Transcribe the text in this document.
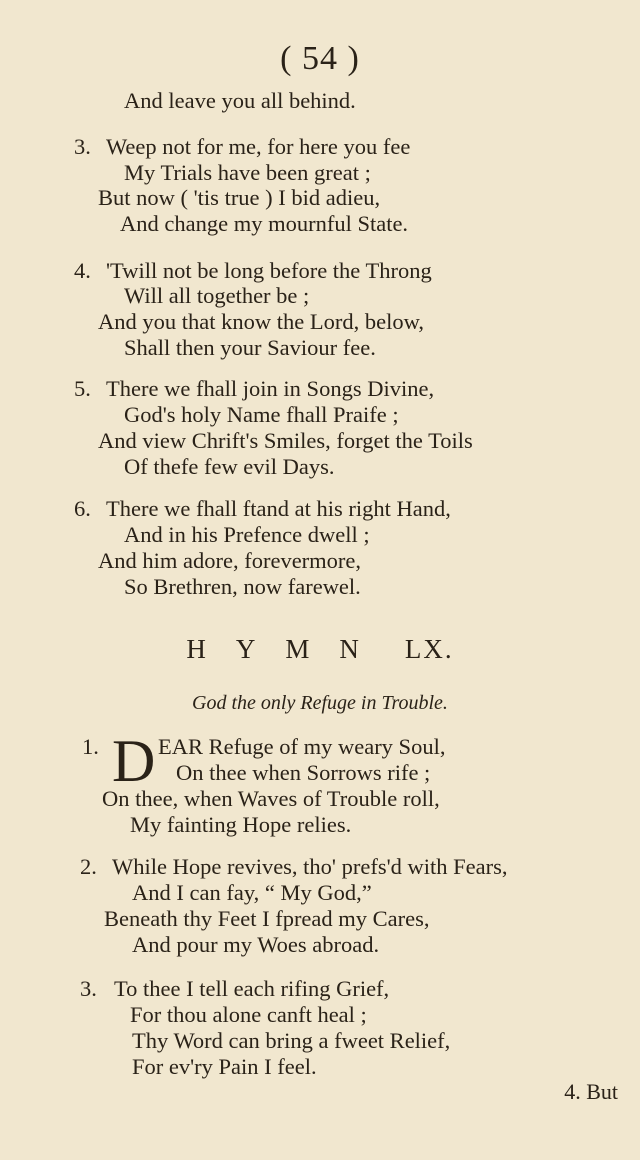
( 54 )
And leave you all behind.
3. Weep not for me, for here you fee
My Trials have been great ;
But now ( 'tis true ) I bid adieu,
And change my mournful State.
4. 'Twill not be long before the Throng
Will all together be ;
And you that know the Lord, below,
Shall then your Saviour fee.
5. There we fhall join in Songs Divine,
God's holy Name fhall Praife ;
And view Chrift's Smiles, forget the Toils
Of thefe few evil Days.
6. There we fhall ftand at his right Hand,
And in his Prefence dwell ;
And him adore, forevermore,
So Brethren, now farewel.
H Y M N LX.
God the only Refuge in Trouble.
1. D EAR Refuge of my weary Soul,
On thee when Sorrows rife ;
On thee, when Waves of Trouble roll,
My fainting Hope relies.
2. While Hope revives, tho' prefs'd with Fears,
And I can fay, “ My God,”
Beneath thy Feet I fpread my Cares,
And pour my Woes abroad.
3. To thee I tell each rifing Grief,
For thou alone canft heal ;
Thy Word can bring a fweet Relief,
For ev'ry Pain I feel.
4. But
